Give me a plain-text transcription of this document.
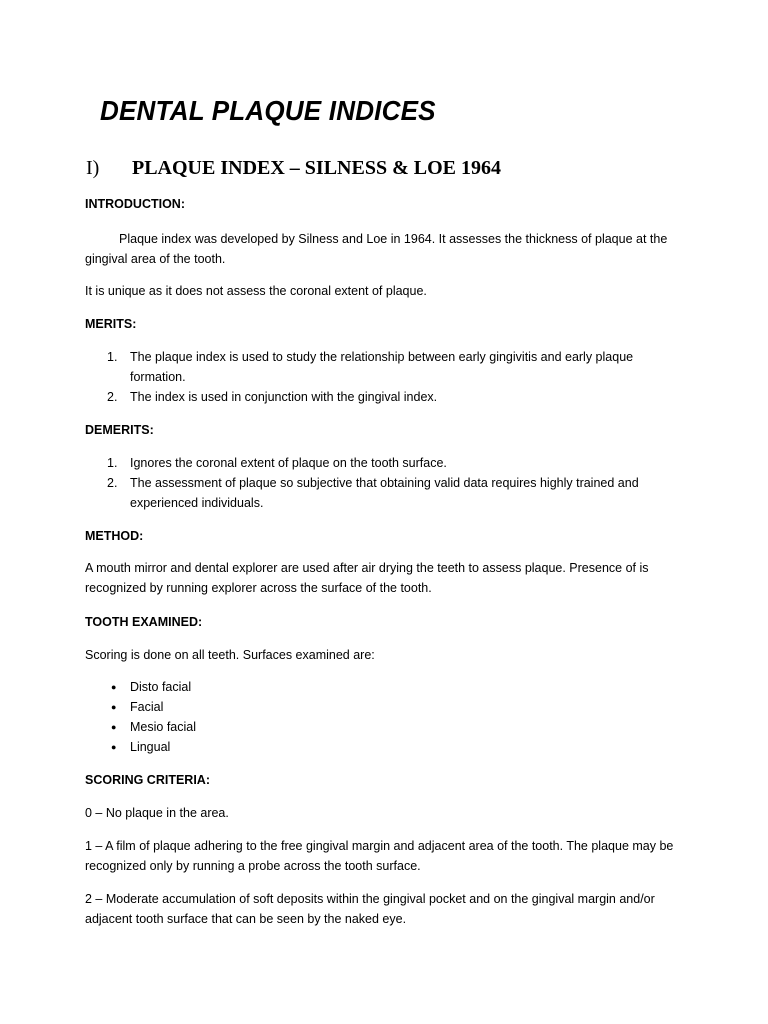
DENTAL PLAQUE INDICES
I) PLAQUE INDEX – SILNESS & LOE 1964

INTRODUCTION:

Plaque index was developed by Silness and Loe in 1964. It assesses the thickness of plaque at the gingival area of the tooth.

It is unique as it does not assess the coronal extent of plaque.

MERITS:

1. The plaque index is used to study the relationship between early gingivitis and early plaque formation.
2. The index is used in conjunction with the gingival index.

DEMERITS:

1. Ignores the coronal extent of plaque on the tooth surface.
2. The assessment of plaque so subjective that obtaining valid data requires highly trained and experienced individuals.

METHOD:

A mouth mirror and dental explorer are used after air drying the teeth to assess plaque. Presence of is recognized by running explorer across the surface of the tooth.

TOOTH EXAMINED:

Scoring is done on all teeth. Surfaces examined are:

● Disto facial
● Facial
● Mesio facial
● Lingual

SCORING CRITERIA:

0 – No plaque in the area.

1 – A film of plaque adhering to the free gingival margin and adjacent area of the tooth. The plaque may be recognized only by running a probe across the tooth surface.

2 – Moderate accumulation of soft deposits within the gingival pocket and on the gingival margin and/or adjacent tooth surface that can be seen by the naked eye.
